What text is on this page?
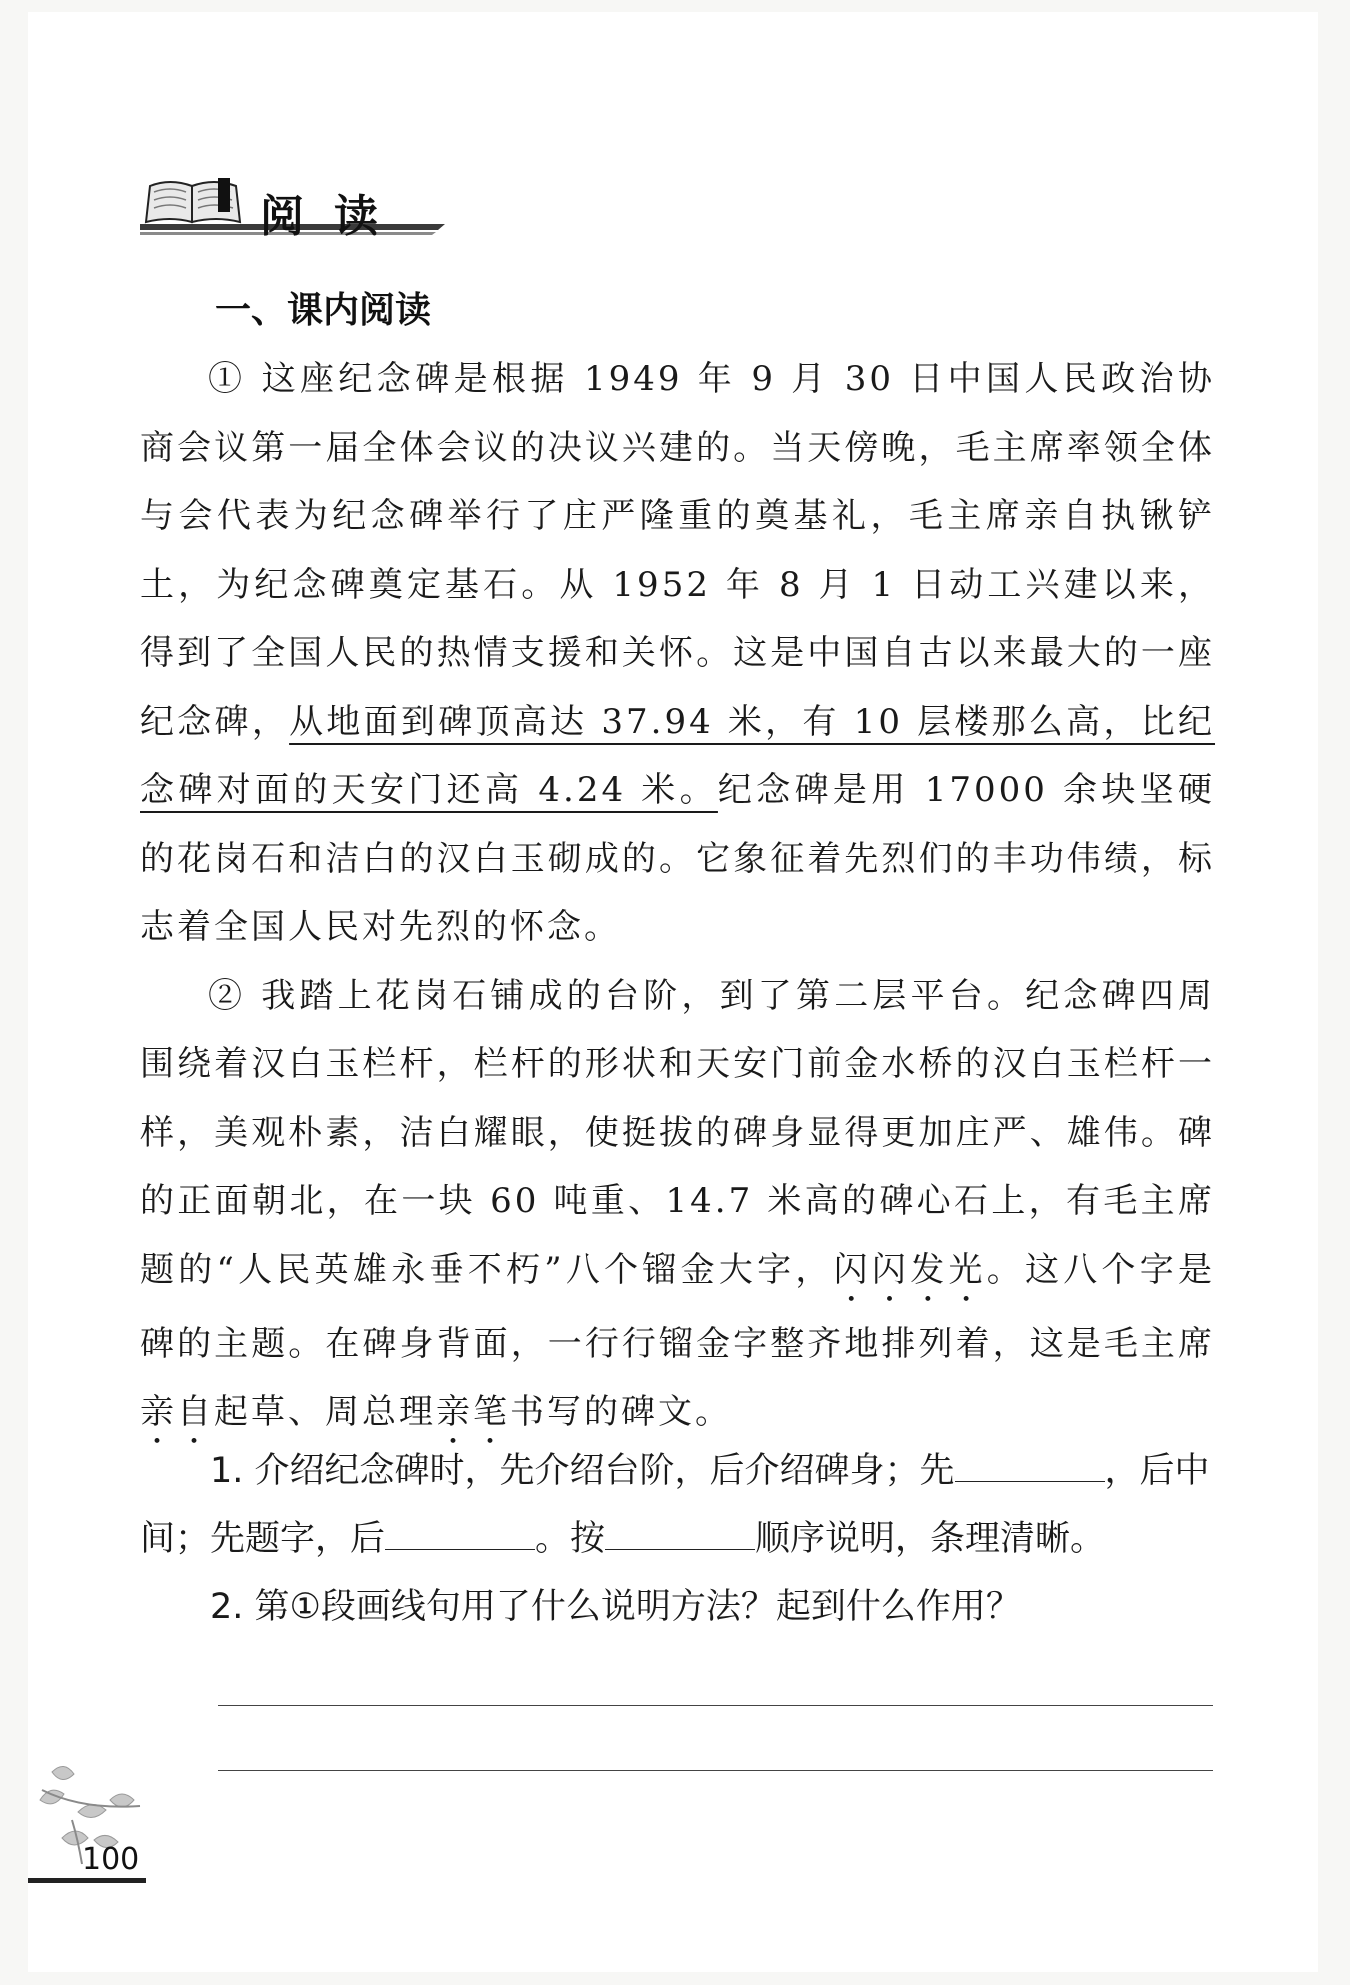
阅读
一、课内阅读

① 这座纪念碑是根据 1949 年 9 月 30 日中国人民政治协商会议第一届全体会议的决议兴建的。当天傍晚，毛主席率领全体与会代表为纪念碑举行了庄严隆重的奠基礼，毛主席亲自执锹铲土，为纪念碑奠定基石。从 1952 年 8 月 1 日动工兴建以来，得到了全国人民的热情支援和关怀。这是中国自古以来最大的一座纪念碑，从地面到碑顶高达 37.94 米，有 10 层楼那么高，比纪念碑对面的天安门还高 4.24 米。纪念碑是用 17000 余块坚硬的花岗石和洁白的汉白玉砌成的。它象征着先烈们的丰功伟绩，标志着全国人民对先烈的怀念。

② 我踏上花岗石铺成的台阶，到了第二层平台。纪念碑四周围绕着汉白玉栏杆，栏杆的形状和天安门前金水桥的汉白玉栏杆一样，美观朴素，洁白耀眼，使挺拔的碑身显得更加庄严、雄伟。碑的正面朝北，在一块 60 吨重、14.7 米高的碑心石上，有毛主席题的“人民英雄永垂不朽”八个镏金大字，闪闪发光。这八个字是碑的主题。在碑身背面，一行行镏金字整齐地排列着，这是毛主席亲自起草、周总理亲笔书写的碑文。

1. 介绍纪念碑时，先介绍台阶，后介绍碑身；先	，后中间；先题字，后	。按	顺序说明，条理清晰。

2. 第①段画线句用了什么说明方法？起到什么作用？

100
